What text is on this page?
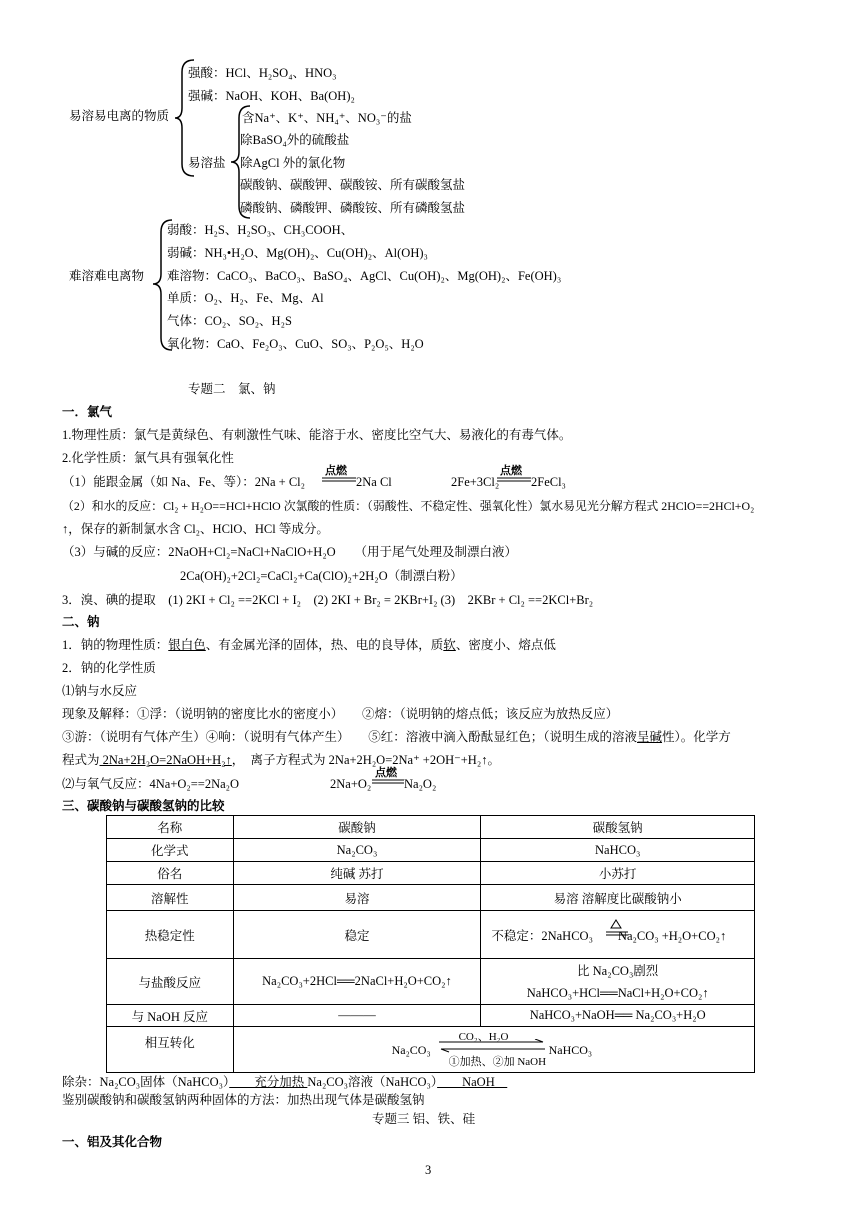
易溶易电离的物质
强酸：HCl、H₂SO₄、HNO₃
强碱：NaOH、KOH、Ba(OH)₂
含Na⁺、K⁺、NH₄⁺、NO₃⁻的盐
除BaSO₄外的硫酸盐
易溶盐 除AgCl 外的氯化物
碳酸钠、碳酸钾、碳酸铵、所有碳酸氢盐
磷酸钠、磷酸钾、磷酸铵、所有磷酸氢盐
难溶难电离物
弱酸：H₂S、H₂SO₃、CH₃COOH、
弱碱：NH₃•H₂O、Mg(OH)₂、Cu(OH)₂、Al(OH)₃
难溶物：CaCO₃、BaCO₃、BaSO₄、AgCl、Cu(OH)₂、Mg(OH)₂、Fe(OH)₃
单质：O₂、H₂、Fe、Mg、Al
气体：CO₂、SO₂、H₂S
氧化物：CaO、Fe₂O₃、CuO、SO₃、P₂O₅、H₂O
专题二　氯、钠
一．氯气
1.物理性质：氯气是黄绿色、有刺激性气味、能溶于水、密度比空气大、易液化的有毒气体。
2.化学性质：氯气具有强氧化性
（1）能跟金属（如 Na、Fe、等）：2Na + Cl₂
点燃
2Na Cl	2Fe+3Cl₂
点燃
2FeCl₃
（2）和水的反应：Cl₂ + H₂O==HCl+HClO 次氯酸的性质：（弱酸性、不稳定性、强氧化性）氯水易见光分解方程式 2HClO==2HCl+O₂
↑，保存的新制氯水含 Cl₂、HClO、HCl 等成分。
（3）与碱的反应：2NaOH+Cl₂=NaCl+NaClO+H₂O　　（用于尾气处理及制漂白液）
2Ca(OH)₂+2Cl₂=CaCl₂+Ca(ClO)₂+2H₂O（制漂白粉）
3．溴、碘的提取　(1) 2KI + Cl₂ ==2KCl + I₂　(2) 2KI + Br₂ = 2KBr+I₂ (3)　2KBr + Cl₂ ==2KCl+Br₂
二、钠
1．钠的物理性质：银白色、有金属光泽的固体，热、电的良导体，质软、密度小、熔点低
2．钠的化学性质
⑴钠与水反应
现象及解释：①浮：（说明钠的密度比水的密度小）　　②熔：（说明钠的熔点低；该反应为放热反应）
③游：（说明有气体产生）④响：（说明有气体产生）　　⑤红：溶液中滴入酚酞显红色；（说明生成的溶液呈碱性）。化学方
程式为 2Na+2H₂O=2NaOH+H₂↑，　离子方程式为 2Na+2H₂O=2Na⁺ +2OH⁻+H₂↑。
⑵与氧气反应：4Na+O₂==2Na₂O	2Na+O₂
点燃
Na₂O₂
三、碳酸钠与碳酸氢钠的比较
名称	碳酸钠	碳酸氢钠
化学式	Na₂CO₃	NaHCO₃
俗名	纯碱 苏打	小苏打
溶解性	易溶	易溶 溶解度比碳酸钠小
热稳定性	稳定	不稳定：2NaHCO₃　　Na₂CO₃ +H₂O+CO₂↑

与盐酸反应	Na₂CO₃+2HCl══2NaCl+H₂O+CO₂↑	比 Na₂CO₃剧烈
NaHCO₃+HCl══NaCl+H₂O+CO₂↑

与 NaOH 反应	———	NaHCO₃+NaOH══ Na₂CO₃+H₂O
相互转化	Na₂CO₃
CO₂、H₂O
①加热、②加 NaOH
NaHCO₃	
除杂：Na₂CO₃固体（NaHCO₃）　　充分加热 Na₂CO₃溶液（NaHCO₃）　　NaOH　
鉴别碳酸钠和碳酸氢钠两种固体的方法：加热出现气体是碳酸氢钠
专题三 铝、铁、硅
一、铝及其化合物
3
